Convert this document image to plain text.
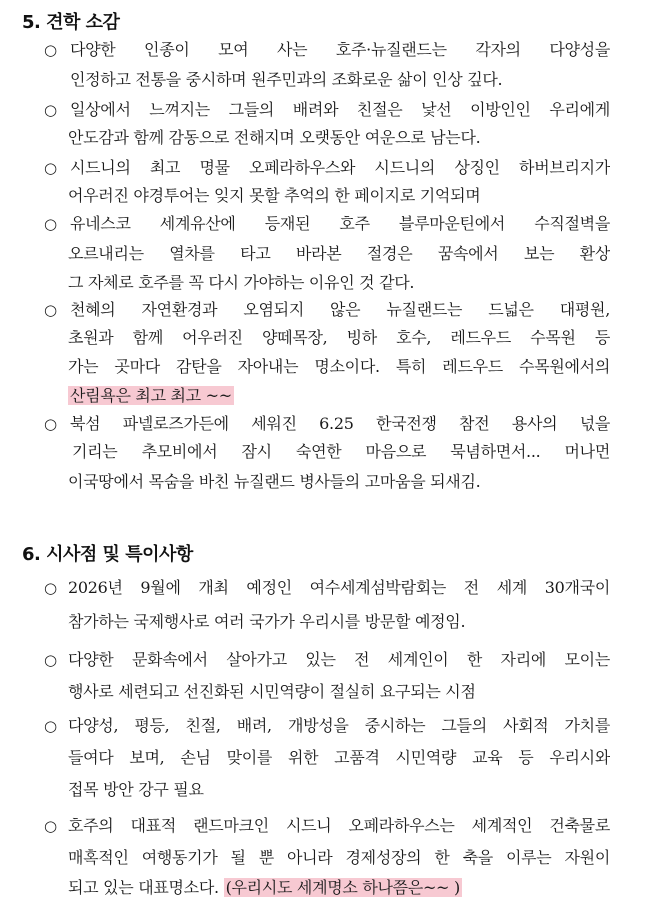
5. 견학 소감
○ 다양한 인종이 모여 사는 호주·뉴질랜드는 각자의 다양성을
인정하고 전통을 중시하며 원주민과의 조화로운 삶이 인상 깊다.
○ 일상에서 느껴지는 그들의 배려와 친절은 낯선 이방인인 우리에게
안도감과 함께 감동으로 전해지며 오랫동안 여운으로 남는다.
○ 시드니의 최고 명물 오페라하우스와 시드니의 상징인 하버브리지가
어우러진 야경투어는 잊지 못할 추억의 한 페이지로 기억되며
○ 유네스코 세계유산에 등재된 호주 블루마운틴에서 수직절벽을
오르내리는 열차를 타고 바라본 절경은 꿈속에서 보는 환상
그 자체로 호주를 꼭 다시 가야하는 이유인 것 같다.
○ 천혜의 자연환경과 오염되지 않은 뉴질랜드는 드넓은 대평원,
초원과 함께 어우러진 양떼목장, 빙하 호수, 레드우드 수목원 등
가는 곳마다 감탄을 자아내는 명소이다. 특히 레드우드 수목원에서의
산림욕은 최고 최고 ~~
○ 북섬 파넬로즈가든에 세워진 6.25 한국전쟁 참전 용사의 넋을
기리는 추모비에서 잠시 숙연한 마음으로 묵념하면서... 머나먼
이국땅에서 목숨을 바친 뉴질랜드 병사들의 고마움을 되새김.
6. 시사점 및 특이사항
○ 2026년 9월에 개최 예정인 여수세계섬박람회는 전 세계 30개국이
참가하는 국제행사로 여러 국가가 우리시를 방문할 예정임.
○ 다양한 문화속에서 살아가고 있는 전 세계인이 한 자리에 모이는
행사로 세련되고 선진화된 시민역량이 절실히 요구되는 시점
○ 다양성, 평등, 친절, 배려, 개방성을 중시하는 그들의 사회적 가치를
들여다 보며, 손님 맞이를 위한 고품격 시민역량 교육 등 우리시와
접목 방안 강구 필요
○ 호주의 대표적 랜드마크인 시드니 오페라하우스는 세계적인 건축물로
매혹적인 여행동기가 될 뿐 아니라 경제성장의 한 축을 이루는 자원이
되고 있는 대표명소다. (우리시도 세계명소 하나쯤은~~ )
